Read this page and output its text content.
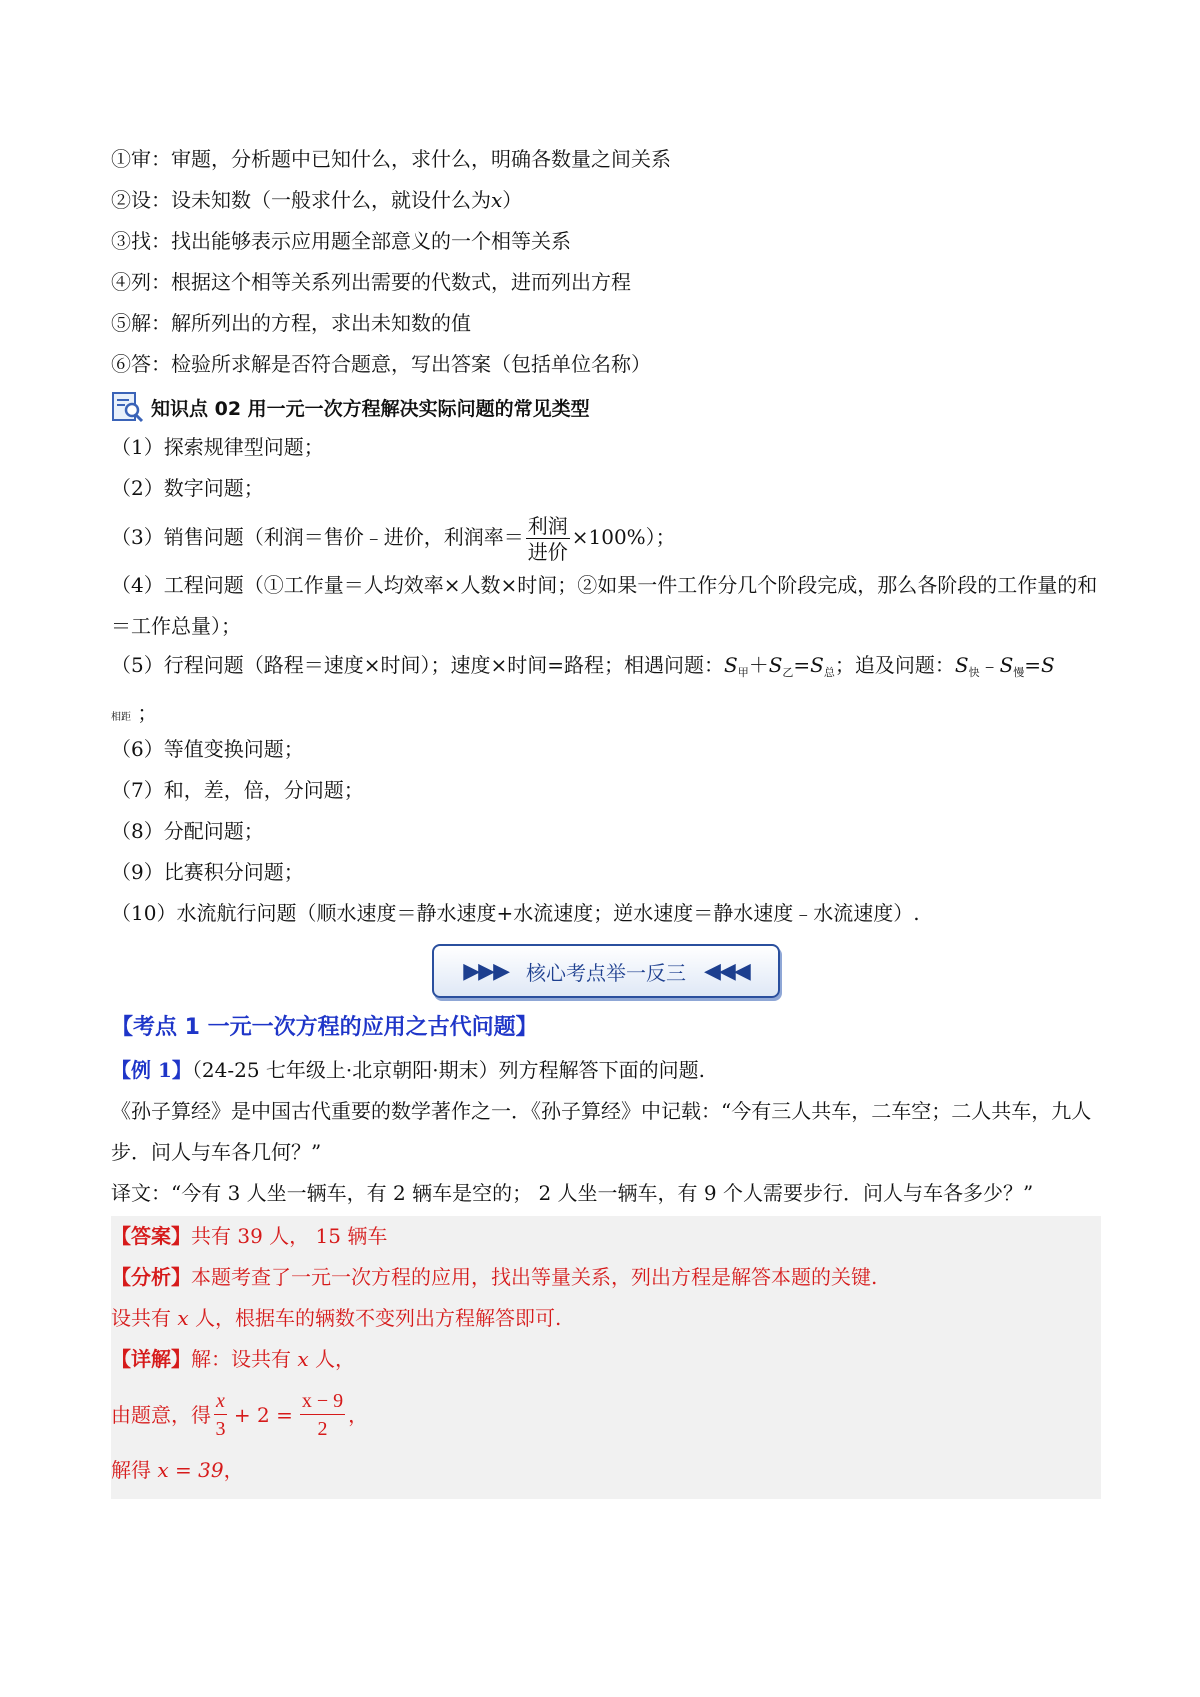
①审：审题，分析题中已知什么，求什么，明确各数量之间关系

②设：设未知数（一般求什么，就设什么为x）

③找：找出能够表示应用题全部意义的一个相等关系

④列：根据这个相等关系列出需要的代数式，进而列出方程

⑤解：解所列出的方程，求出未知数的值

⑥答：检验所求解是否符合题意，写出答案（包括单位名称）

知识点 02 用一元一次方程解决实际问题的常见类型

（1）探索规律型问题；

（2）数字问题；

（3）销售问题（利润＝售价﹣进价，利润率＝ $\frac{\text{利润}}{\text{进价}} \times 100\%$）；

（4）工程问题（①工作量＝人均效率×人数×时间；②如果一件工作分几个阶段完成，那么各阶段的工作量的和＝工作总量）；

（5）行程问题（路程＝速度×时间）；速度×时间=路程；相遇问题：$S_甲+S_乙=S_总$；追及问题：$S_快﹣S_慢=S$
相距 ；

（6）等值变换问题；

（7）和，差，倍，分问题；

（8）分配问题；

（9）比赛积分问题；

（10）水流航行问题（顺水速度＝静水速度+水流速度；逆水速度＝静水速度﹣水流速度）.

▶▶▶ 核心考点举一反三 ◀◀◀
【考点 1 一元一次方程的应用之古代问题】

【例 1】（24-25 七年级上·北京朝阳·期末）列方程解答下面的问题.

《孙子算经》是中国古代重要的数学著作之一．《孙子算经》中记载：“今有三人共车，二车空；二人共车，九人步．问人与车各几何？”

译文：“今有 3 人坐一辆车，有 2 辆车是空的； 2 人坐一辆车，有 9 个人需要步行．问人与车各多少？”

【答案】共有 39 人， 15 辆车

【分析】本题考查了一元一次方程的应用，找出等量关系，列出方程是解答本题的关键.

设共有 x 人，根据车的辆数不变列出方程解答即可.

【详解】解：设共有 x 人，

由题意，得 $\frac{x}{3} + 2 = \frac{x - 9}{2}$ ，

解得 x = 39，
